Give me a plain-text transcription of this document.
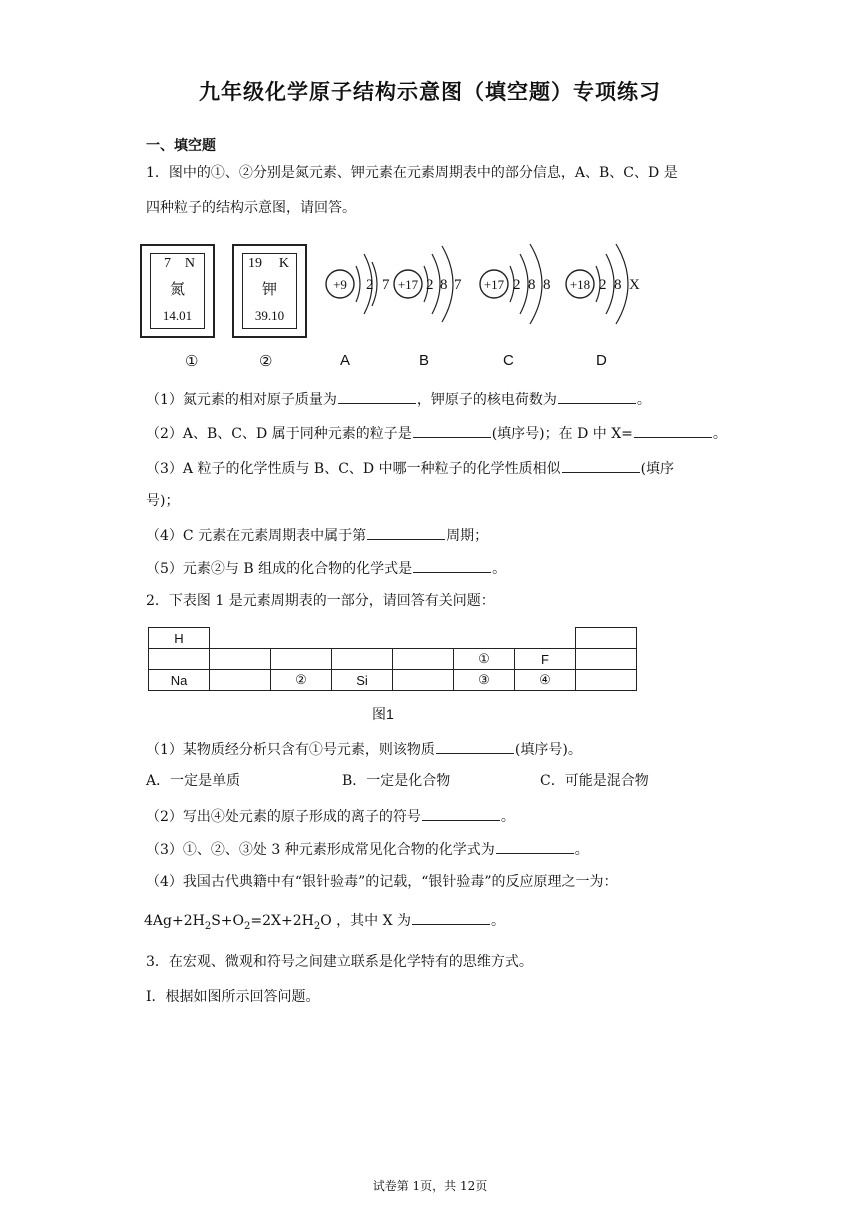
九年级化学原子结构示意图（填空题）专项练习
一、填空题
1．图中的①、②分别是氮元素、钾元素在元素周期表中的部分信息，A、B、C、D 是
四种粒子的结构示意图，请回答。
7 N
氮
14.01
19 K
钾
39.10
+9 2 7 +17 2 8 7 +17 2 8 8 +18 2 8 X
①	②	A	B	C	D
（1）氮元素的相对原子质量为	，钾原子的核电荷数为	。
（2）A、B、C、D 属于同种元素的粒子是	(填序号)；在 D 中 X=	。
（3）A 粒子的化学性质与 B、C、D 中哪一种粒子的化学性质相似	(填序
号)；
（4）C 元素在元素周期表中属于第	周期；
（5）元素②与 B 组成的化合物的化学式是	。
2．下表图 1 是元素周期表的一部分，请回答有关问题：
H							
					①	F	
Na		②	Si		③	④	
图1
（1）某物质经分析只含有①号元素，则该物质	(填序号)。
A．一定是单质	B．一定是化合物	C．可能是混合物
（2）写出④处元素的原子形成的离子的符号	。
（3）①、②、③处 3 种元素形成常见化合物的化学式为	。
（4）我国古代典籍中有“银针验毒”的记载，“银针验毒”的反应原理之一为：
$4Ag+2H_2S+O_2=2X+2H_2O$ ，其中 X 为	。
3．在宏观、微观和符号之间建立联系是化学特有的思维方式。
I．根据如图所示回答问题。
试卷第 1页，共 12页
